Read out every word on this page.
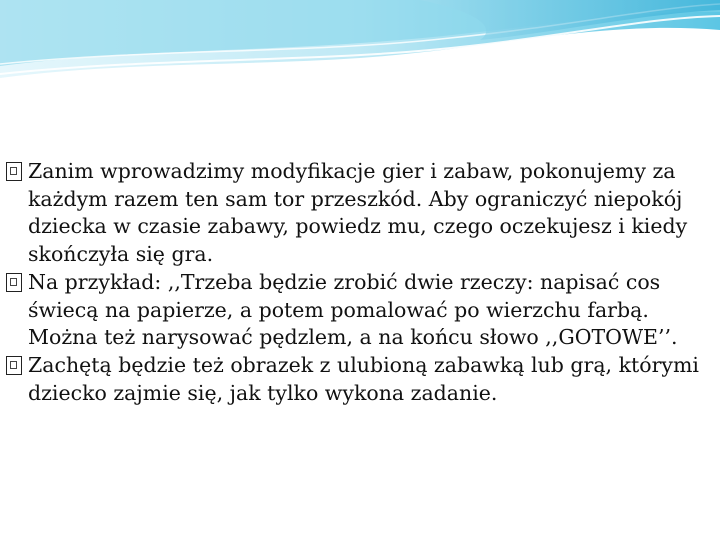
Zanim wprowadzimy modyfikacje gier i zabaw, pokonujemy za każdym razem ten sam tor przeszkód. Aby ograniczyć niepokój dziecka w czasie zabawy, powiedz mu, czego oczekujesz i kiedy skończyła się gra.

Na przykład: ,,Trzeba będzie zrobić dwie rzeczy: napisać cos świecą na papierze, a potem pomalować po wierzchu farbą. Można też narysować pędzlem, a na końcu słowo ,,GOTOWE’’.

Zachętą będzie też obrazek z ulubioną zabawką lub grą, którymi dziecko zajmie się, jak tylko wykona zadanie.
